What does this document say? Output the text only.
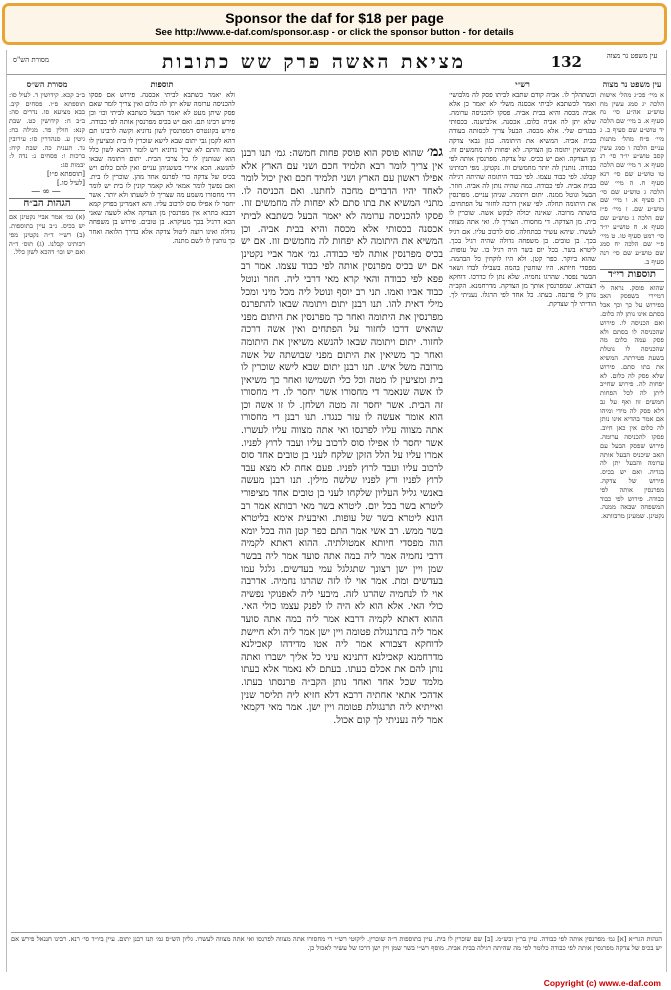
Sponsor the daf for $18 per page
See http://www.e-daf.com/sponsor.asp - or click the sponsor button - for details
עין משפט נר מצוה
132
מציאת האשה פרק שש כתובות
מסורת הש"ס
עין משפט נר מצוה
א מיי׳ פכ״ג מהל׳ אישות הלכה יג סמג עשין מח טוש״ע אה״ע סי׳ נח סעיף א. ב מיי׳ שם הלכה יד טוש״ע שם סעיף ב. ג מיי׳ פ״ח מהל׳ מתנות עניים הלכה ו סמג עשין קסב טוש״ע יו״ד סי׳ רנ סעיף א. ד מיי׳ שם הלכה טו טוש״ע שם סי׳ רנא סעיף ח. ה מיי׳ שם הלכה ג טוש״ע שם סי׳ רנ סעיף א. ו מיי׳ שם טוש״ע שם. ז מיי׳ פ״ז שם הלכה ג טוש״ע שם סעיף א. ח טוש״ע יו״ד סי׳ רמט סעיף טו. ט מיי׳ פ״י שם הלכה יח סמג שם טוש״ע שם סי׳ רנה סעיף ב.
תוספות רי״ד
שהוא פוסק. נראה לי דמיירי בשפסק האב בפירוש על כך וכך אבל בסתם אינו נותן לה כלום. ואם הכניסה לו. פירוש שהכניסה לו בסתם ולא פסק עמה כלום מה שהכניסה לו נוטלת בשעת פטירתה. המשיא את בתו סתם. פירוש שלא פסק לה כלום. לא יפחות לה. פירוש שחייב ליתן לה לכל הפחות חמשים זוז ואף על גב דלא פסק לה מידי ומיהו אם אמר בהדיא אינו נותן לה כלום אין כאן חיוב. פסקו להכניסה ערומה. פירוש שפסק הבעל עם האב שיכניס הבעל אותה ערומה והבעל יתן לה בגדיה. ואם יש בכיס. פירוש של צדקה. מפרנסין אותה לפי כבודה. פירוש לפי כבוד המשפחה שבאה ממנה. נקטינן. שמעינן מרבוותא.
רש״י
וכשתהלך לו. אביה קודם שתבא לביתו פסק לה מלבושי׳ ואמר לכשתבא לביתי אכסנה משלי לא יאמר כן אלא אביה מכסה והיא בבית אביה. פסקו להכניסה ערומה. שלא יתן לה אביה כלום. אכסנה. אלבישנה. בכסותי בבגדים שלי. אלא מכסה. הבעל צריך לכסותה בעודה בבית אביה. המשיא את היתומה. כגון גבאי צדקה שמשיאין יתומה מן הצדקה. לא יפחות לה מחמשים זוז. מן הצדקה. ואם יש בכיס. של צדקה. מפרנסין אותה לפי כבודה. נותנין לה יותר מחמשים זוז. נקטינן. מפי רבותינו קבלנו. לפי כבוד עצמו. לפי כבוד היתומה שהיתה רגילה בבית אביה. לפי כבודה. כמה שהיה נותן לה אביה. חוזר. הבעל ונוטל ממנה. יתום ויתומה. שניהן עניים. מפרנסין את היתומה תחלה. לפי שאין דרכה לחזור על הפתחים. בושתה מרובה. שאינה יכולה לבקש אשה. שוכרין לו בית. מן הצדקה. די מחסורו. הצריך לו. ואי אתה מצווה לעשרו. שיהא עשיר כבתחלה. סוס לרכוב עליו. אם רגיל בכך. בן טובים. בן משפחה גדולה שהיה רגיל בכך. ליטרא בשר. בכל יום בשר היה רגיל בו. של עופות. שהוא ביוקר. כפר קטן. ולא היו לוקחין כל הבהמה. מפסדי חיותא. היו שוחטין בהמה בשבילו לבדו ושאר הבשר נפסד. שהרגו נחמיה. שלא נתן לו כדרכו. דוחקא דצבורא. שמפרנסין אותך מן הצדקה. מדרחמנא. הקב״ה נותן לי פרנסה. בעתו. כל אחד לפי הרגלו. נעניתי לך. הודיתי לך שצדקת.
גמ׳ שהוא פוסק הוא פוסק פחות חמשה: גמ׳ תנו רבנן אין צריך לומר רבא תלמיד חכם ושני עם הארץ אלא אפילו ראשון עם הארץ ושני תלמיד חכם ואין יכול לומר לאחד יהיו הדברים מחכה לחתנו. ואם הכניסה לו. מתני׳ המשיא את בתו סתם לא יפחות לה מחמשים זוז. פסקו להכניסה ערומה לא יאמר הבעל כשתבא לביתי אכסנה בכסותי אלא מכסה והיא בבית אביה. וכן המשיא את היתומה לא יפחות לה מחמשים זוז. אם יש בכיס מפרנסין אותה לפי כבודה. גמ׳ אמר אביי נקטינן אם יש בכיס מפרנסין אותה לפי כבוד עצמו. אמר רב פפא לפי כבודה והאי קרא מאי דרבי ליה. חוזר ונוטל כבוד אביו ואמו. תני רב יוסף ונוטל ליה מכל מיני ומכל מילי דאית להו. תנו רבנן יתום ויתומה שבאו להתפרנס מפרנסין את היתומה ואחר כך מפרנסין את היתום מפני שהאיש דרכו לחזור על הפתחים ואין אשה דרכה לחזור. יתום ויתומה שבאו להנשא משיאין את היתומה ואחר כך משיאין את היתום מפני שבושתה של אשה מרובה משל איש. תנו רבנן יתום שבא לישא שוכרין לו בית ומציעין לו מטה וכל כלי תשמישו ואחר כך משיאין לו אשה שנאמר די מחסורו אשר יחסר לו. די מחסורו זה הבית. אשר יחסר זה מטה ושלחן. לו זו אשה וכן הוא אומר אעשה לו עזר כנגדו. תנו רבנן די מחסורו אתה מצווה עליו לפרנסו ואי אתה מצווה עליו לעשרו. אשר יחסר לו אפילו סוס לרכוב עליו ועבד לרוץ לפניו. אמרו עליו על הלל הזקן שלקח לעני בן טובים אחד סוס לרכוב עליו ועבד לרוץ לפניו. פעם אחת לא מצא עבד לרוץ לפניו ורץ לפניו שלשה מילין. תנו רבנן מעשה באנשי גליל העליון שלקחו לעני בן טובים אחד מציפורי ליטרא בשר בכל יום. ליטרא בשר מאי רבותא אמר רב הונא ליטרא בשר של עופות. ואיבעית אימא בליטרא בשר ממש. רב אשי אמר התם כפר קטן הוה בכל יומא הוה מפסדי חיותא אמטולתיה. ההוא דאתא לקמיה דרבי נחמיה אמר ליה במה אתה סועד אמר ליה בבשר שמן ויין ישן רצונך שתגלגל עמי בעדשים. גלגל עמו בעדשים ומת. אמר אוי לו לזה שהרגו נחמיה. אדרבה אוי לו לנחמיה שהרגו לזה. מיבעי ליה לאפנוקי נפשיה כולי האי. אלא הוא לא היה לו לפנק עצמו כולי האי. ההוא דאתא לקמיה דרבא אמר ליה במה אתה סועד אמר ליה בתרנגולת פטומה ויין ישן אמר ליה ולא חיישת לדוחקא דצבורא אמר ליה אטו מדידהו קאכילנא מדרחמנא קאכילנא דתנינא עיני כל אליך ישברו ואתה נותן להם את אכלם בעתו. בעתם לא נאמר אלא בעתו מלמד שכל אחד ואחד נותן הקב״ה פרנסתו בעתו. אדהכי אתאי אחתיה דרבא דלא חזיא ליה תליסר שנין ואייתיא ליה תרנגולת פטומה ויין ישן. אמר מאי דקמאי אמר ליה נעניתי לך קום אכול.
תוספות
ולא יאמר כשתבא לביתי אכסנה. פירוש אם פסקו להכניסה ערומה שלא יתן לה כלום ואין צריך לומר שאם פסק שיתן מעט לא יאמר הבעל כשתבא לביתי וכו׳ וכן פירש רבינו תם. ואם יש בכיס מפרנסין אותה לפי כבודה. פירש בקונטרס דמפרנסין לשון נדוניא וקשה לרבינו תם דהא לקמן גבי יתום שבא לישא שוכרין לו בית ומציעין לו מטה והתם לא שייך נדוניא ויש לומר דהכא לשון כלל הוא שנותנין לו כל צרכי הבית. יתום ויתומה שבאו להנשא. הכא איירי בששניהן עניים ואין להם כלום ויש בכיס של צדקה כדי לפרנס אחד מהן. שוכרין לו בית. ואם נפשך לומר אמאי לא קאמר קונין לו בית יש לומר דדי מחסורו משמע מה שצריך לו לשעתו ולא יותר. אשר יחסר לו אפילו סוס לרכוב עליו. והא דאמרינן בפרק קמא דבבא בתרא אין מפרנסין מן הצדקה אלא לשעה שאני הכא דרגיל בכך מעיקרא. בן טובים. פירוש בן משפחה גדולה ואינו רוצה ליטול צדקה אלא בדרך הלואה ואחר כך נותנין לו לשם מתנה.
מסורת הש״ס
ב״ב קכא. קידושין ד. לעיל סו: תוספתא פ״ו. פסחים קיב. בבא מציעא סו. נדרים סה: ב״ב ח: קידושין כט. שבת קנא: חולין פד. מגילה כח: גיטין ע. סנהדרין סו: עירובין נד. תענית כה. שבת קיח: ברכות ו: פסחים נ: נדה ל: יבמות סג:
[תוספתא פ״ו]
[לעיל סו.]
—∞—
הגהות הב״ח
(א) גמ׳ אמר אביי נקטינן אם יש בכיס. נ״ב עיין בתוספות. (ב) רש״י ד״ה נקטינן מפי רבותינו קבלנו. (ג) תוס׳ ד״ה ואם יש וכו׳ דהכא לשון כלל.
הגהות הגר״א [א] גמ׳ מפרנסין אותה לפי כבודה. עיין בר״ן ובש״מ. [ב] שם שוכרין לו בית. עיין בתוספות ד״ה שוכרין. ליקוטי רש״י די מחסורו אתה מצווה לפרנסו ואי אתה מצווה לעשרו. גליון הש״ס גמ׳ תנו רבנן יתום. עיין ביו״ד סי׳ רנא. רבינו חננאל פירש אם יש בכיס של צדקה מפרנסין אותה לפי כבודה כלומר לפי מה שהיתה רגילה בבית אביה. מוסף רש״י בשר שמן ויין ישן דרכו של עשיר לאכול כן.
Copyright (c) www.e-daf.com
